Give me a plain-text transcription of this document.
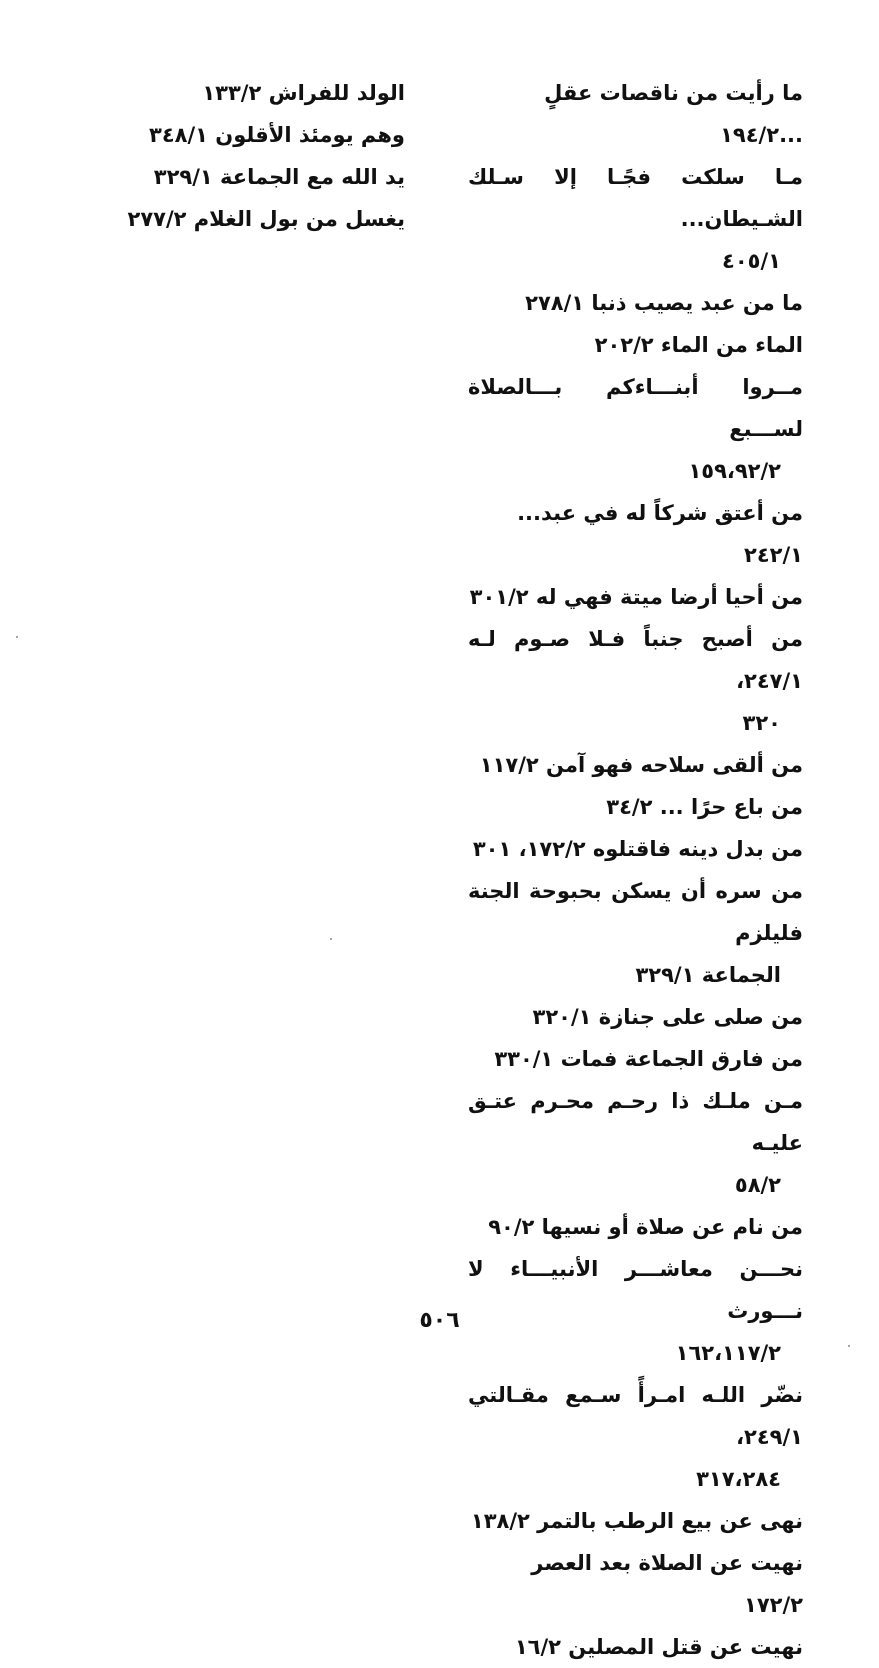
ما رأيت من ناقصات عقلٍ ...١٩٤/٢
مـا سلكت فجًـا إلا سـلك الشـيطان...
٤٠٥/١
ما من عبد يصيب ذنبا ٢٧٨/١
الماء من الماء ٢٠٢/٢
مــروا أبنـــاءكم بـــالصلاة لســـبع
١٥٩،٩٢/٢
من أعتق شركاً له في عبد... ٢٤٢/١
من أحيا أرضا ميتة فهي له ٣٠١/٢
من أصبح جنباً فـلا صـوم لـه ٢٤٧/١،
٣٢٠
من ألقى سلاحه فهو آمن ١١٧/٢
من باع حرًا ... ٣٤/٢
من بدل دينه فاقتلوه ١٧٢/٢، ٣٠١
من سره أن يسكن بحبوحة الجنة فليلزم
الجماعة ٣٢٩/١
من صلى على جنازة ٣٢٠/١
من فارق الجماعة فمات ٣٣٠/١
مـن ملـك ذا رحـم محـرم عتـق عليـه
٥٨/٢
من نام عن صلاة أو نسيها ٩٠/٢
نحـــن معاشـــر الأنبيـــاء لا نـــورث
١٦٢،١١٧/٢
نضّر اللـه امـرأً سـمع مقـالتي ٢٤٩/١،
٣١٧،٢٨٤
نهى عن بيع الرطب بالتمر ١٣٨/٢
نهيت عن الصلاة بعد العصر ١٧٢/٢
نهيت عن قتل المصلين ١٦/٢
الولد للفراش ١٣٣/٢
وهم يومئذ الأقلون ٣٤٨/١
يد الله مع الجماعة ٣٢٩/١
يغسل من بول الغلام ٢٧٧/٢
٥٠٦
